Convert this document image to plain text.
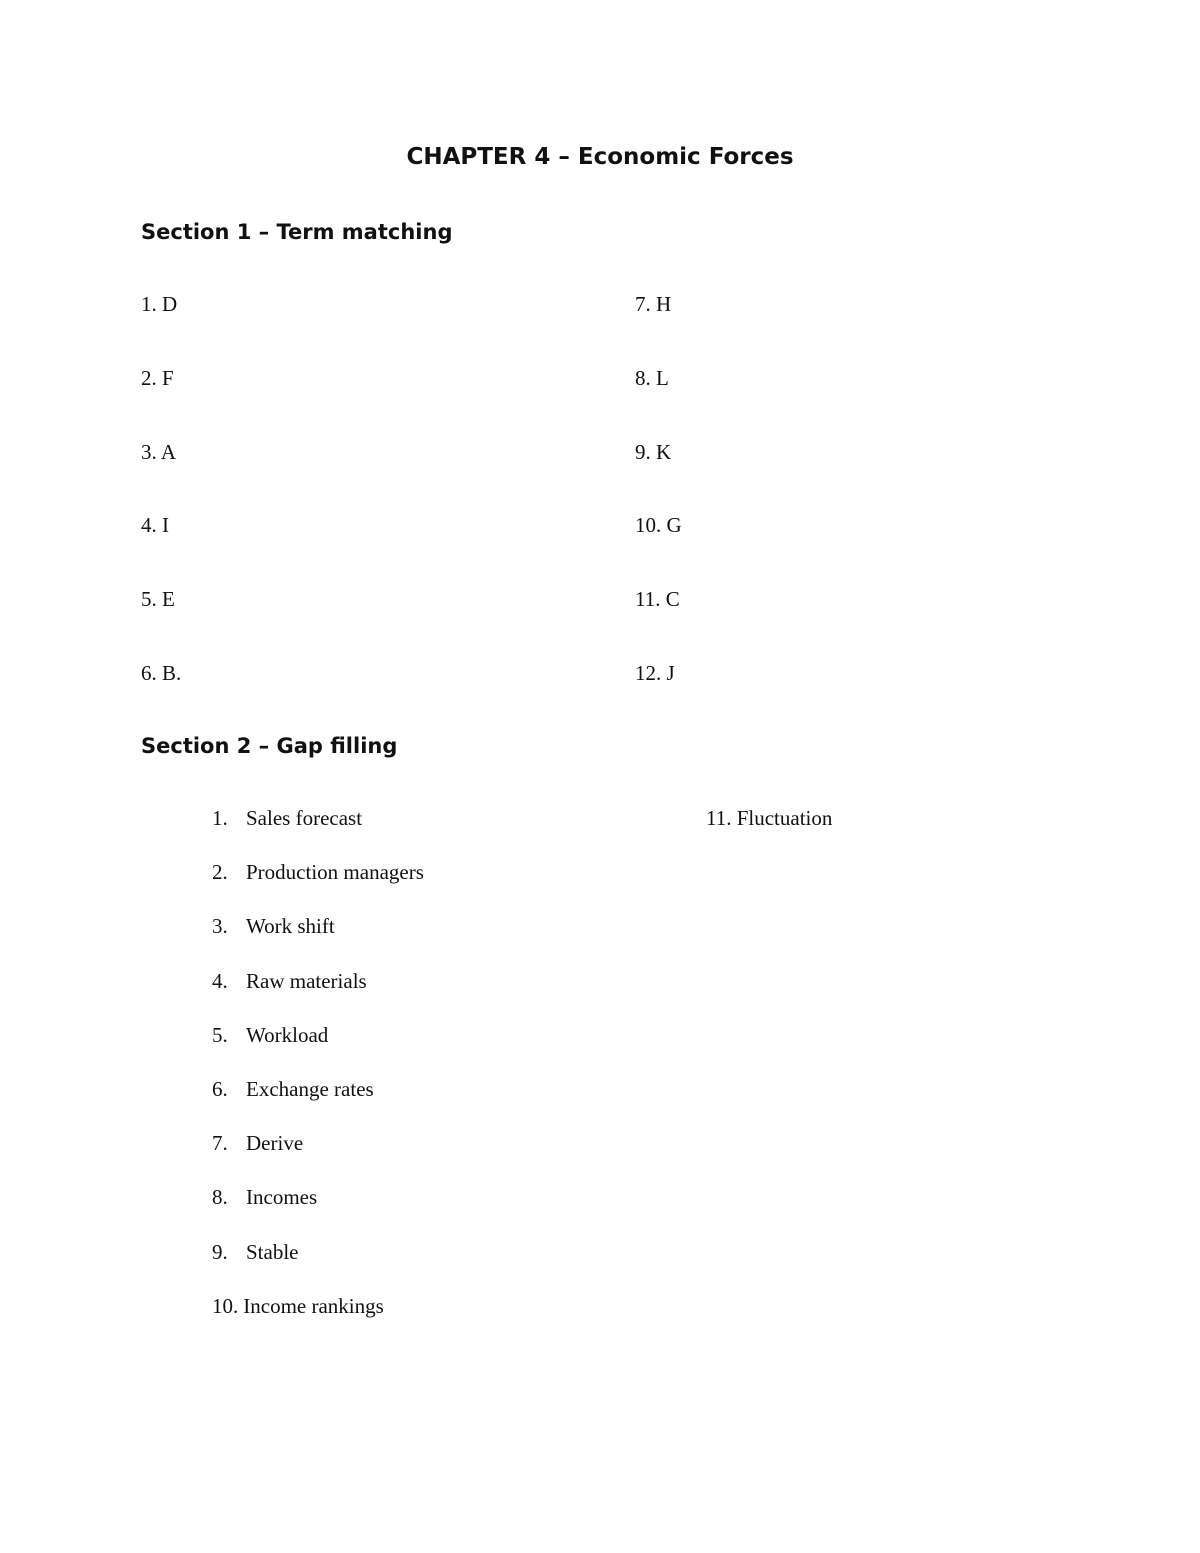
CHAPTER 4 – Economic Forces
Section 1 – Term matching
1. D
2. F
3. A
4. I
5. E
6. B.
7. H
8. L
9. K
10. G
11. C
12. J
Section 2 – Gap filling
1. Sales forecast
2. Production managers
3. Work shift
4. Raw materials
5. Workload
6. Exchange rates
7. Derive
8. Incomes
9. Stable
10. Income rankings
11. Fluctuation
